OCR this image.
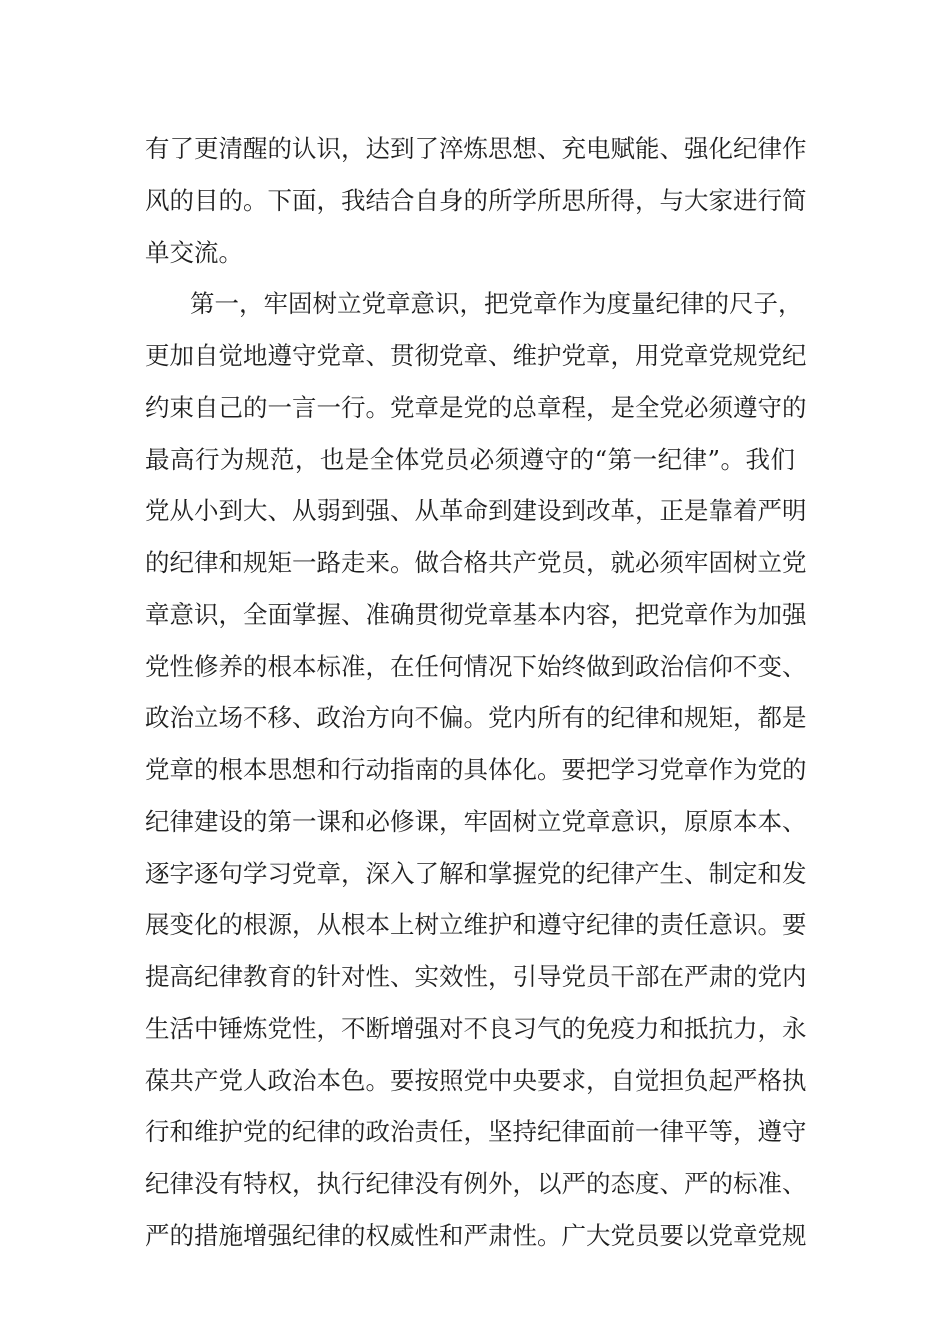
有了更清醒的认识，达到了淬炼思想、充电赋能、强化纪律作
风的目的。下面，我结合自身的所学所思所得，与大家进行简
单交流。
第一，牢固树立党章意识，把党章作为度量纪律的尺子，
更加自觉地遵守党章、贯彻党章、维护党章，用党章党规党纪
约束自己的一言一行。党章是党的总章程，是全党必须遵守的
最高行为规范，也是全体党员必须遵守的“第一纪律”。我们
党从小到大、从弱到强、从革命到建设到改革，正是靠着严明
的纪律和规矩一路走来。做合格共产党员，就必须牢固树立党
章意识，全面掌握、准确贯彻党章基本内容，把党章作为加强
党性修养的根本标准，在任何情况下始终做到政治信仰不变、
政治立场不移、政治方向不偏。党内所有的纪律和规矩，都是
党章的根本思想和行动指南的具体化。要把学习党章作为党的
纪律建设的第一课和必修课，牢固树立党章意识，原原本本、
逐字逐句学习党章，深入了解和掌握党的纪律产生、制定和发
展变化的根源，从根本上树立维护和遵守纪律的责任意识。要
提高纪律教育的针对性、实效性，引导党员干部在严肃的党内
生活中锤炼党性，不断增强对不良习气的免疫力和抵抗力，永
葆共产党人政治本色。要按照党中央要求，自觉担负起严格执
行和维护党的纪律的政治责任，坚持纪律面前一律平等，遵守
纪律没有特权，执行纪律没有例外，以严的态度、严的标准、
严的措施增强纪律的权威性和严肃性。广大党员要以党章党规
